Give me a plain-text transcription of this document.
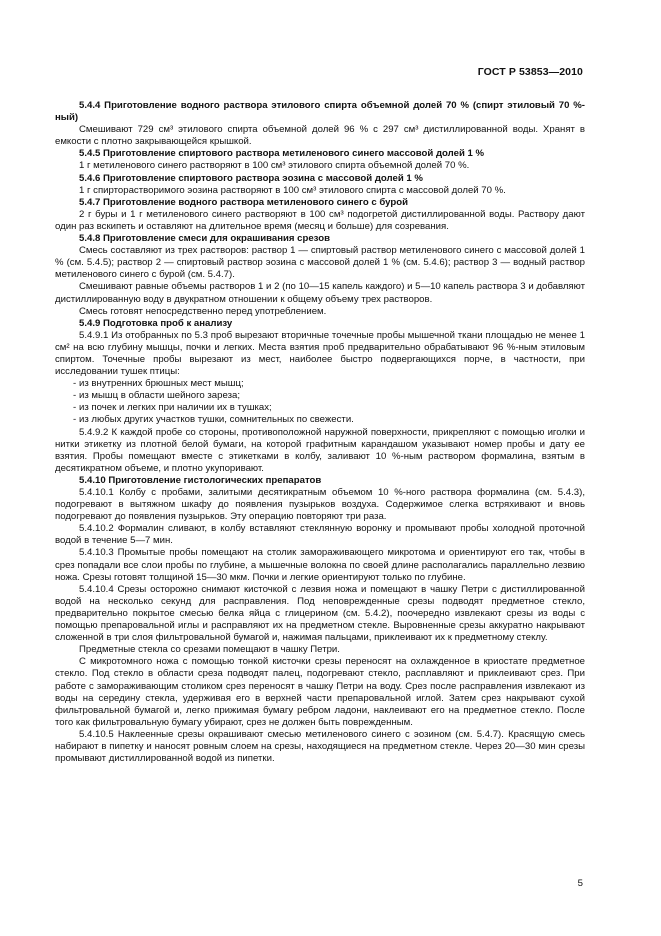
ГОСТ Р 53853—2010

5.4.4 Приготовление водного раствора этилового спирта объемной долей 70 % (спирт этиловый 70 %-ный)

Смешивают 729 см³ этилового спирта объемной долей 96 % с 297 см³ дистиллированной воды. Хранят в емкости с плотно закрывающейся крышкой.

5.4.5 Приготовление спиртового раствора метиленового синего массовой долей 1 %

1 г метиленового синего растворяют в 100 см³ этилового спирта объемной долей 70 %.

5.4.6 Приготовление спиртового раствора эозина с массовой долей 1 %

1 г спирторастворимого эозина растворяют в 100 см³ этилового спирта с массовой долей 70 %.

5.4.7 Приготовление водного раствора метиленового синего с бурой

2 г буры и 1 г метиленового синего растворяют в 100 см³ подогретой дистиллированной воды. Раствору дают один раз вскипеть и оставляют на длительное время (месяц и больше) для созревания.

5.4.8 Приготовление смеси для окрашивания срезов

Смесь составляют из трех растворов: раствор 1 — спиртовый раствор метиленового синего с массовой долей 1 % (см. 5.4.5); раствор 2 — спиртовый раствор эозина с массовой долей 1 % (см. 5.4.6); раствор 3 — водный раствор метиленового синего с бурой (см. 5.4.7).

Смешивают равные объемы растворов 1 и 2 (по 10—15 капель каждого) и 5—10 капель раствора 3 и добавляют дистиллированную воду в двукратном отношении к общему объему трех растворов.

Смесь готовят непосредственно перед употреблением.

5.4.9 Подготовка проб к анализу

5.4.9.1 Из отобранных по 5.3 проб вырезают вторичные точечные пробы мышечной ткани площадью не менее 1 см² на всю глубину мышцы, почки и легких. Места взятия проб предварительно обрабатывают 96 %-ным этиловым спиртом. Точечные пробы вырезают из мест, наиболее быстро подвергающихся порче, в частности, при исследовании тушек птицы:

- из внутренних брюшных мест мышц;
- из мышц в области шейного зареза;
- из почек и легких при наличии их в тушках;
- из любых других участков тушки, сомнительных по свежести.

5.4.9.2 К каждой пробе со стороны, противоположной наружной поверхности, прикрепляют с помощью иголки и нитки этикетку из плотной белой бумаги, на которой графитным карандашом указывают номер пробы и дату ее взятия. Пробы помещают вместе с этикетками в колбу, заливают 10 %-ным раствором формалина, взятым в десятикратном объеме, и плотно укупоривают.

5.4.10 Приготовление гистологических препаратов

5.4.10.1 Колбу с пробами, залитыми десятикратным объемом 10 %-ного раствора формалина (см. 5.4.3), подогревают в вытяжном шкафу до появления пузырьков воздуха. Содержимое слегка встряхивают и вновь подогревают до появления пузырьков. Эту операцию повторяют три раза.

5.4.10.2 Формалин сливают, в колбу вставляют стеклянную воронку и промывают пробы холодной проточной водой в течение 5—7 мин.

5.4.10.3 Промытые пробы помещают на столик замораживающего микротома и ориентируют его так, чтобы в срез попадали все слои пробы по глубине, а мышечные волокна по своей длине располагались параллельно лезвию ножа. Срезы готовят толщиной 15—30 мкм. Почки и легкие ориентируют только по глубине.

5.4.10.4 Срезы осторожно снимают кисточкой с лезвия ножа и помещают в чашку Петри с дистиллированной водой на несколько секунд для расправления. Под неповрежденные срезы подводят предметное стекло, предварительно покрытое смесью белка яйца с глицерином (см. 5.4.2), поочередно извлекают срезы из воды с помощью препаровальной иглы и расправляют их на предметном стекле. Выровненные срезы аккуратно накрывают сложенной в три слоя фильтровальной бумагой и, нажимая пальцами, приклеивают их к предметному стеклу.

Предметные стекла со срезами помещают в чашку Петри.

С микротомного ножа с помощью тонкой кисточки срезы переносят на охлажденное в криостате предметное стекло. Под стекло в области среза подводят палец, подогревают стекло, расплавляют и приклеивают срез. При работе с замораживающим столиком срез переносят в чашку Петри на воду. Срез после расправления извлекают из воды на середину стекла, удерживая его в верхней части препаровальной иглой. Затем срез накрывают сухой фильтровальной бумагой и, легко прижимая бумагу ребром ладони, наклеивают его на предметное стекло. После того как фильтровальную бумагу убирают, срез не должен быть поврежденным.

5.4.10.5 Наклеенные срезы окрашивают смесью метиленового синего с эозином (см. 5.4.7). Красящую смесь набирают в пипетку и наносят ровным слоем на срезы, находящиеся на предметном стекле. Через 20—30 мин срезы промывают дистиллированной водой из пипетки.

5
